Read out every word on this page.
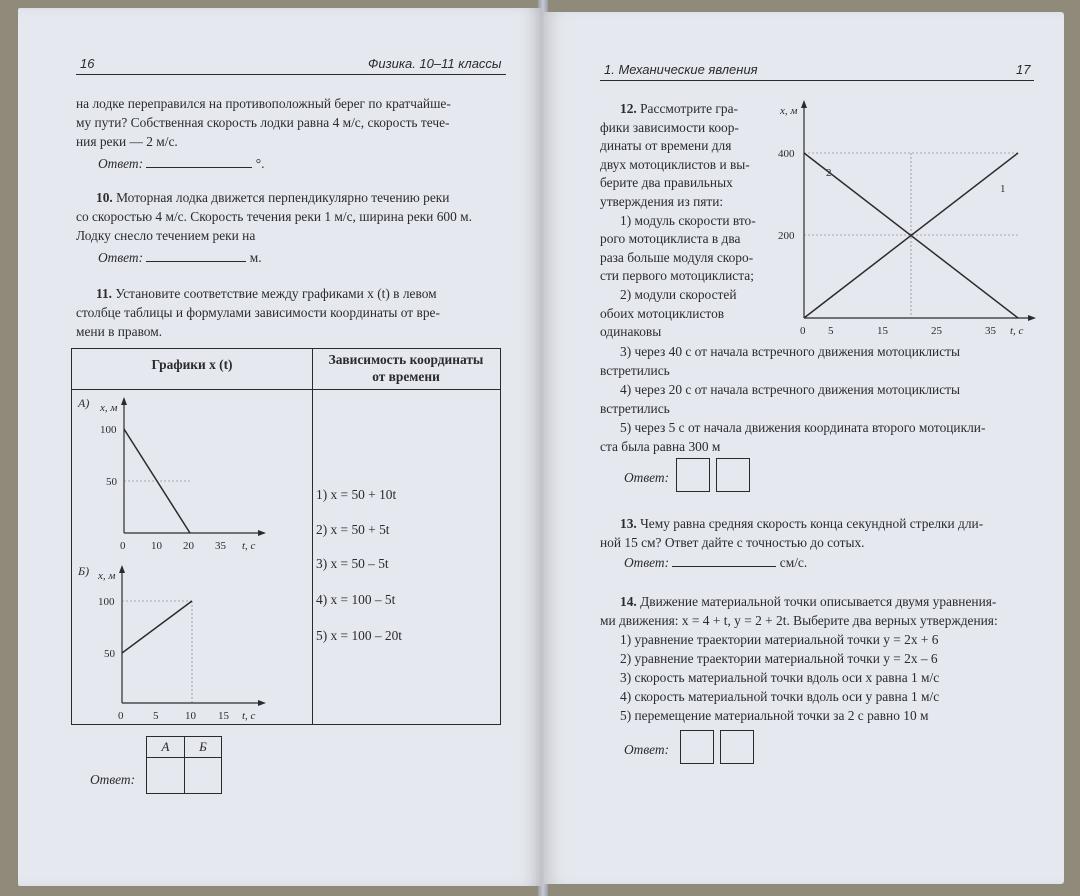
16	Физика. 10–11 классы
на лодке переправился на противоположный берег по кратчайше-
му пути? Собственная скорость лодки равна 4 м/с, скорость тече-
ния реки — 2 м/с.
Ответ:	°.
10. Моторная лодка движется перпендикулярно течению реки
со скоростью 4 м/с. Скорость течения реки 1 м/с, ширина реки 600 м.
Лодку снесло течением реки на
Ответ:	м.
11. Установите соответствие между графиками x (t) в левом
столбце таблицы и формулами зависимости координаты от вре-
мени в правом.
Графики x (t)	Зависимость координаты
от времени
А) x, м
100
50
0 10 20 35 t, c
Б) x, м
100
50
0	5 10 15 t, c
1) x = 50 + 10t
2) x = 50 + 5t
3) x = 50 – 5t
4) x = 100 – 5t
5) x = 100 – 20t
Ответ:
А	Б
1. Механические явления	17
12. Рассмотрите гра-
фики зависимости коор-
динаты от времени для
двух мотоциклистов и вы-
берите два правильных
утверждения из пяти:
1) модуль скорости вто-
рого мотоциклиста в два
раза больше модуля скоро-
сти первого мотоциклиста;
2) модули скоростей
обоих мотоциклистов
одинаковы
x, м
1
2
400
200
0 5	15	25	35 t, c
3) через 40 с от начала встречного движения мотоциклисты
встретились
4) через 20 с от начала встречного движения мотоциклисты
встретились
5) через 5 с от начала движения координата второго мотоцикли-
ста была равна 300 м
Ответ:
13. Чему равна средняя скорость конца секундной стрелки дли-
ной 15 см? Ответ дайте с точностью до сотых.
Ответ:	см/с.
14. Движение материальной точки описывается двумя уравнения-
ми движения: x = 4 + t, y = 2 + 2t. Выберите два верных утверждения:
1) уравнение траектории материальной точки y = 2x + 6
2) уравнение траектории материальной точки y = 2x – 6
3) скорость материальной точки вдоль оси x равна 1 м/с
4) скорость материальной точки вдоль оси y равна 1 м/с
5) перемещение материальной точки за 2 с равно 10 м
Ответ:
